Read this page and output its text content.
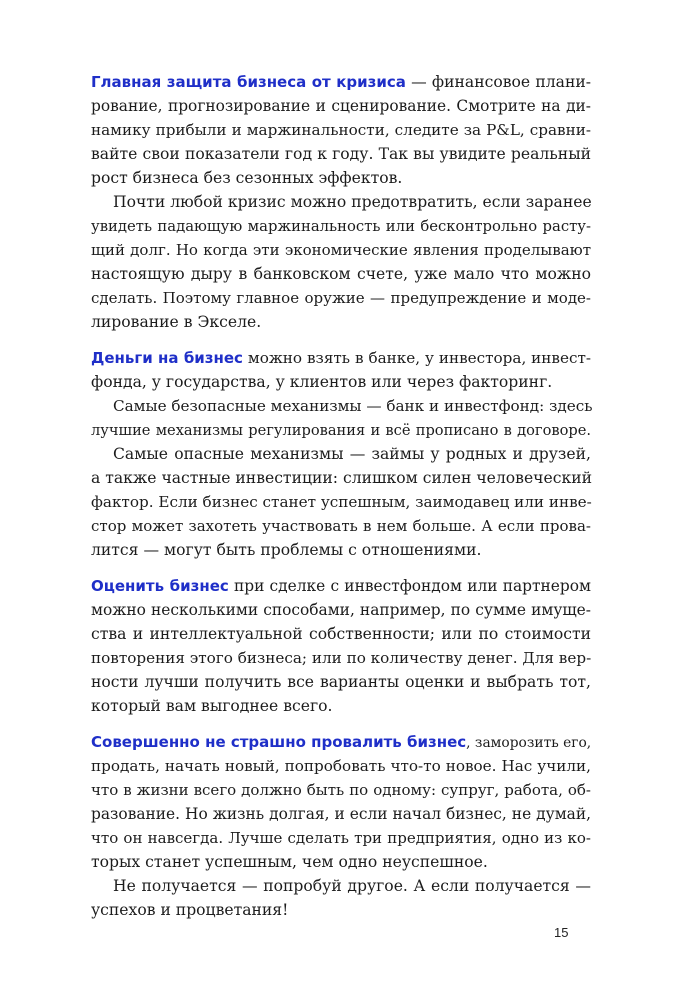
Главная защита бизнеса от кризиса — финансовое плани-
рование, прогнозирование и сценирование. Смотрите на ди-
намику прибыли и маржинальности, следите за P&L, сравни-
вайте свои показатели год к году. Так вы увидите реальный
рост бизнеса без сезонных эффектов.
Почти любой кризис можно предотвратить, если заранее
увидеть падающую маржинальность или бесконтрольно расту-
щий долг. Но когда эти экономические явления проделывают
настоящую дыру в банковском счете, уже мало что можно
сделать. Поэтому главное оружие — предупреждение и моде-
лирование в Экселе.
Деньги на бизнес можно взять в банке, у инвестора, инвест-
фонда, у государства, у клиентов или через факторинг.
Самые безопасные механизмы — банк и инвестфонд: здесь
лучшие механизмы регулирования и всё прописано в договоре.
Самые опасные механизмы — займы у родных и друзей,
а также частные инвестиции: слишком силен человеческий
фактор. Если бизнес станет успешным, заимодавец или инве-
стор может захотеть участвовать в нем больше. А если прова-
лится — могут быть проблемы с отношениями.
Оценить бизнес при сделке с инвестфондом или партнером
можно несколькими способами, например, по сумме имуще-
ства и интеллектуальной собственности; или по стоимости
повторения этого бизнеса; или по количеству денег. Для вер-
ности лучши получить все варианты оценки и выбрать тот,
который вам выгоднее всего.
Совершенно не страшно провалить бизнес, заморозить его,
продать, начать новый, попробовать что-то новое. Нас учили,
что в жизни всего должно быть по одному: супруг, работа, об-
разование. Но жизнь долгая, и если начал бизнес, не думай,
что он навсегда. Лучше сделать три предприятия, одно из ко-
торых станет успешным, чем одно неуспешное.
Не получается — попробуй другое. А если получается —
успехов и процветания!
15
